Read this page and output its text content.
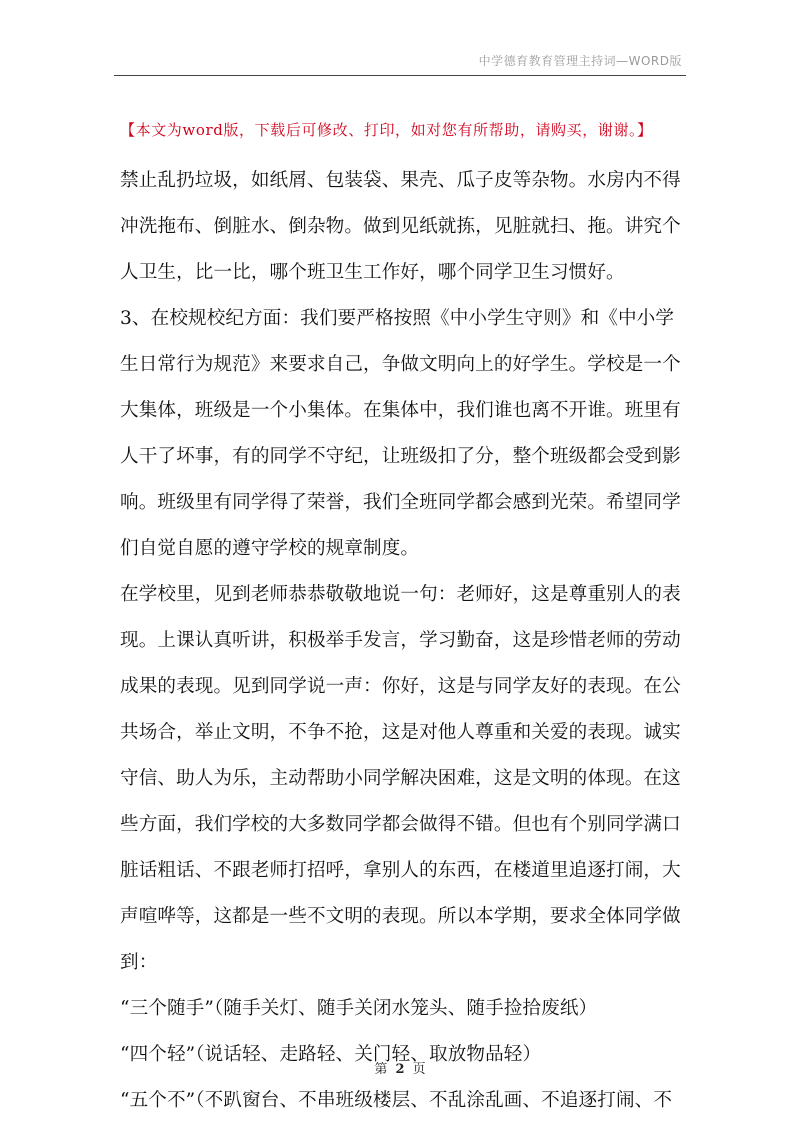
中学德育教育管理主持词—WORD版
【本文为word版，下载后可修改、打印，如对您有所帮助，请购买，谢谢。】
禁止乱扔垃圾，如纸屑、包装袋、果壳、瓜子皮等杂物。水房内不得
冲洗拖布、倒脏水、倒杂物。做到见纸就拣，见脏就扫、拖。讲究个
人卫生，比一比，哪个班卫生工作好，哪个同学卫生习惯好。
3、在校规校纪方面：我们要严格按照《中小学生守则》和《中小学
生日常行为规范》来要求自己，争做文明向上的好学生。学校是一个
大集体，班级是一个小集体。在集体中，我们谁也离不开谁。班里有
人干了坏事，有的同学不守纪，让班级扣了分，整个班级都会受到影
响。班级里有同学得了荣誉，我们全班同学都会感到光荣。希望同学
们自觉自愿的遵守学校的规章制度。
在学校里，见到老师恭恭敬敬地说一句：老师好，这是尊重别人的表
现。上课认真听讲，积极举手发言，学习勤奋，这是珍惜老师的劳动
成果的表现。见到同学说一声：你好，这是与同学友好的表现。在公
共场合，举止文明，不争不抢，这是对他人尊重和关爱的表现。诚实
守信、助人为乐，主动帮助小同学解决困难，这是文明的体现。在这
些方面，我们学校的大多数同学都会做得不错。但也有个别同学满口
脏话粗话、不跟老师打招呼，拿别人的东西，在楼道里追逐打闹，大
声喧哗等，这都是一些不文明的表现。所以本学期，要求全体同学做
到：
“三个随手”（随手关灯、随手关闭水笼头、随手捡拾废纸）
“四个轻”（说话轻、走路轻、关门轻、取放物品轻）
“五个不”（不趴窗台、不串班级楼层、不乱涂乱画、不追逐打闹、不
第 2 页
